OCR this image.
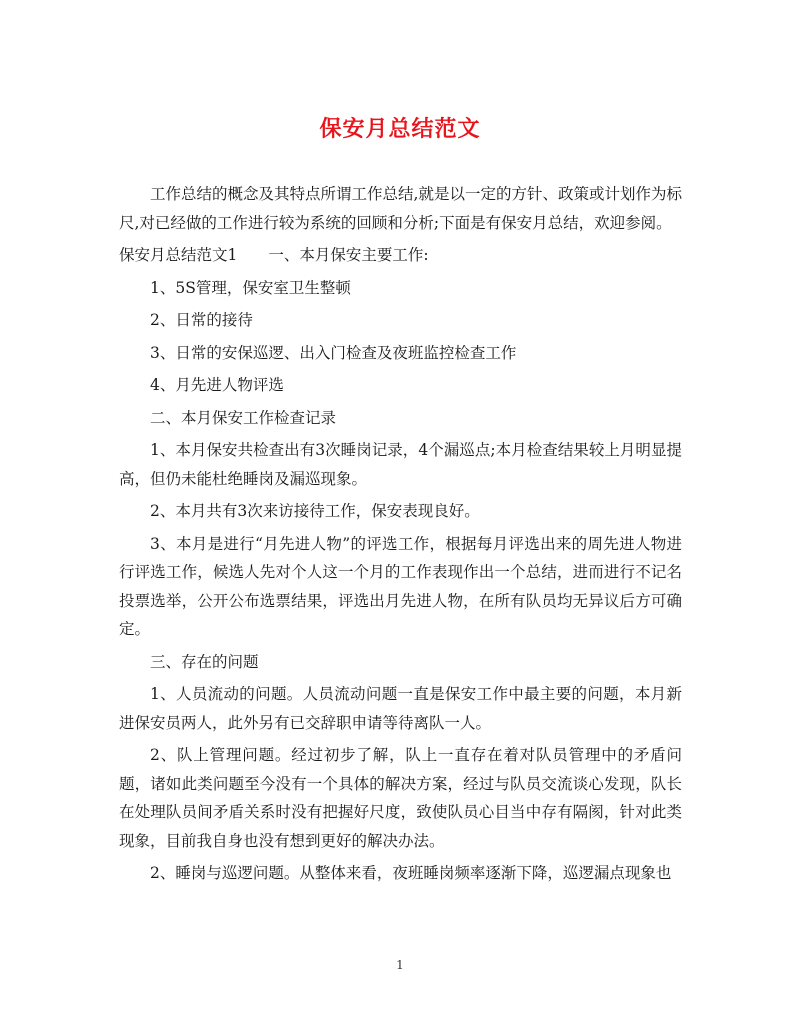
保安月总结范文

工作总结的概念及其特点所谓工作总结,就是以一定的方针、政策或计划作为标尺,对已经做的工作进行较为系统的回顾和分析;下面是有保安月总结，欢迎参阅。

保安月总结范文1　　一、本月保安主要工作:

1、5S管理，保安室卫生整顿

2、日常的接待

3、日常的安保巡逻、出入门检查及夜班监控检查工作

4、月先进人物评选

二、本月保安工作检查记录

1、本月保安共检查出有3次睡岗记录，4个漏巡点;本月检查结果较上月明显提高，但仍未能杜绝睡岗及漏巡现象。

2、本月共有3次来访接待工作，保安表现良好。

3、本月是进行“月先进人物”的评选工作，根据每月评选出来的周先进人物进行评选工作，候选人先对个人这一个月的工作表现作出一个总结，进而进行不记名投票选举，公开公布选票结果，评选出月先进人物，在所有队员均无异议后方可确定。

三、存在的问题

1、人员流动的问题。人员流动问题一直是保安工作中最主要的问题，本月新进保安员两人，此外另有已交辞职申请等待离队一人。

2、队上管理问题。经过初步了解，队上一直存在着对队员管理中的矛盾问题，诸如此类问题至今没有一个具体的解决方案，经过与队员交流谈心发现，队长在处理队员间矛盾关系时没有把握好尺度，致使队员心目当中存有隔阂，针对此类现象，目前我自身也没有想到更好的解决办法。

2、睡岗与巡逻问题。从整体来看，夜班睡岗频率逐渐下降，巡逻漏点现象也

1
